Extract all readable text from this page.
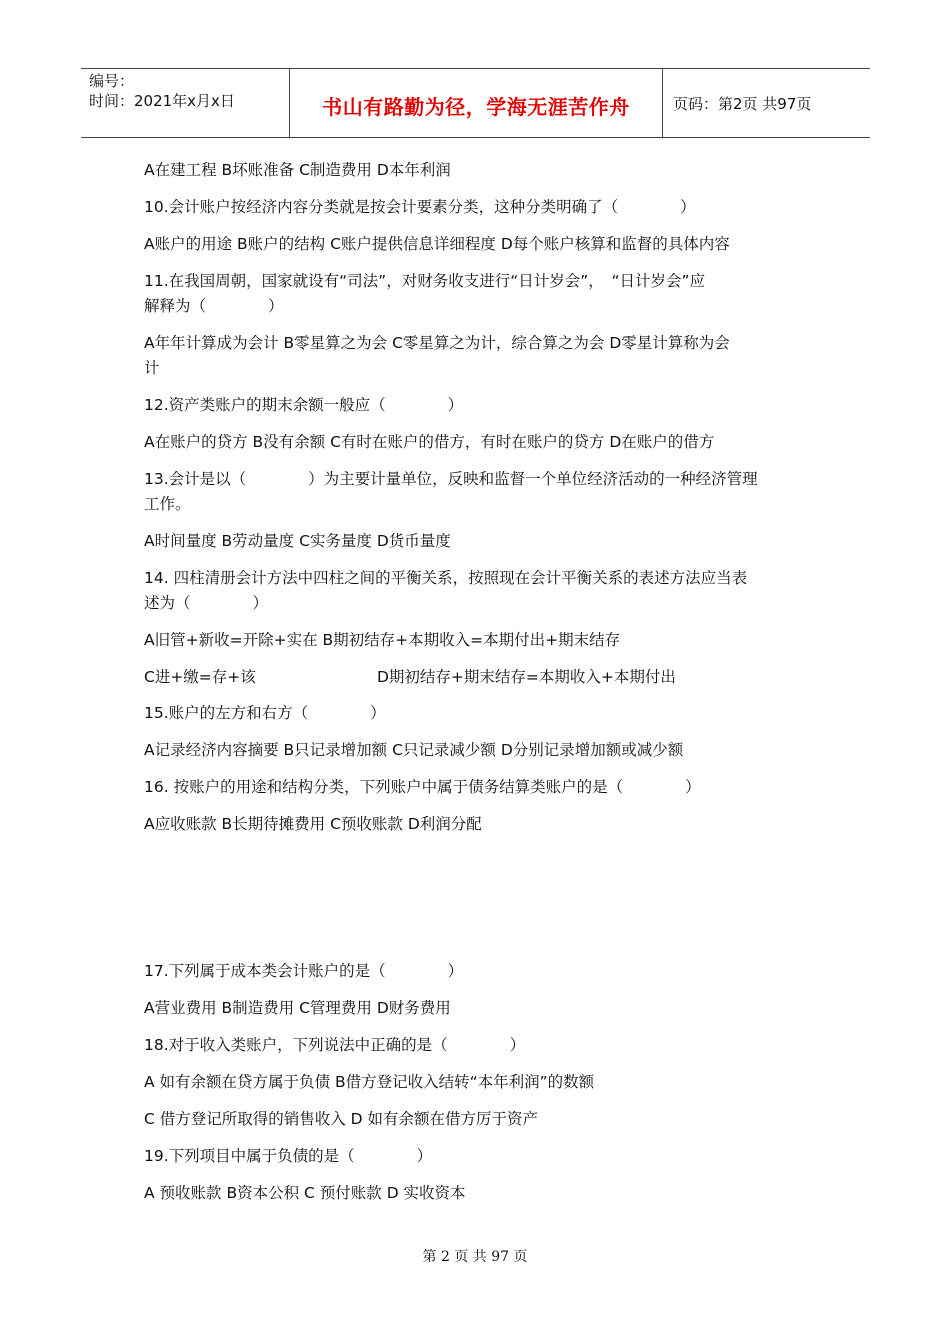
编号：
时间：2021年x月x日	书山有路勤为径，学海无涯苦作舟	页码：第2页 共97页
A在建工程 B坏账准备 C制造费用 D本年利润
10.会计账户按经济内容分类就是按会计要素分类，这种分类明确了（　　　　）
A账户的用途 B账户的结构 C账户提供信息详细程度 D每个账户核算和监督的具体内容
11.在我国周朝，国家就设有“司法”，对财务收支进行“日计岁会”，　“日计岁会”应
解释为（　　　　）
A年年计算成为会计 B零星算之为会 C零星算之为计，综合算之为会 D零星计算称为会
计
12.资产类账户的期末余额一般应（　　　　）
A在账户的贷方 B没有余额 C有时在账户的借方，有时在账户的贷方 D在账户的借方
13.会计是以（　　　　）为主要计量单位，反映和监督一个单位经济活动的一种经济管理
工作。
A时间量度 B劳动量度 C实务量度 D货币量度
14. 四柱清册会计方法中四柱之间的平衡关系，按照现在会计平衡关系的表述方法应当表
述为（　　　　）
A旧管+新收=开除+实在 B期初结存+本期收入=本期付出+期末结存
C进+缴=存+该	D期初结存+期末结存=本期收入+本期付出
15.账户的左方和右方（　　　　）
A记录经济内容摘要 B只记录增加额 C只记录减少额 D分别记录增加额或减少额
16. 按账户的用途和结构分类，下列账户中属于债务结算类账户的是（　　　　）
A应收账款 B长期待摊费用 C预收账款 D利润分配
17.下列属于成本类会计账户的是（　　　　）
A营业费用 B制造费用 C管理费用 D财务费用
18.对于收入类账户，下列说法中正确的是（　　　　）
A 如有余额在贷方属于负债 B借方登记收入结转“本年利润”的数额
C 借方登记所取得的销售收入 D 如有余额在借方厉于资产
19.下列项目中属于负债的是（　　　　）
A 预收账款 B资本公积 C 预付账款 D 实收资本
第 2 页 共 97 页
